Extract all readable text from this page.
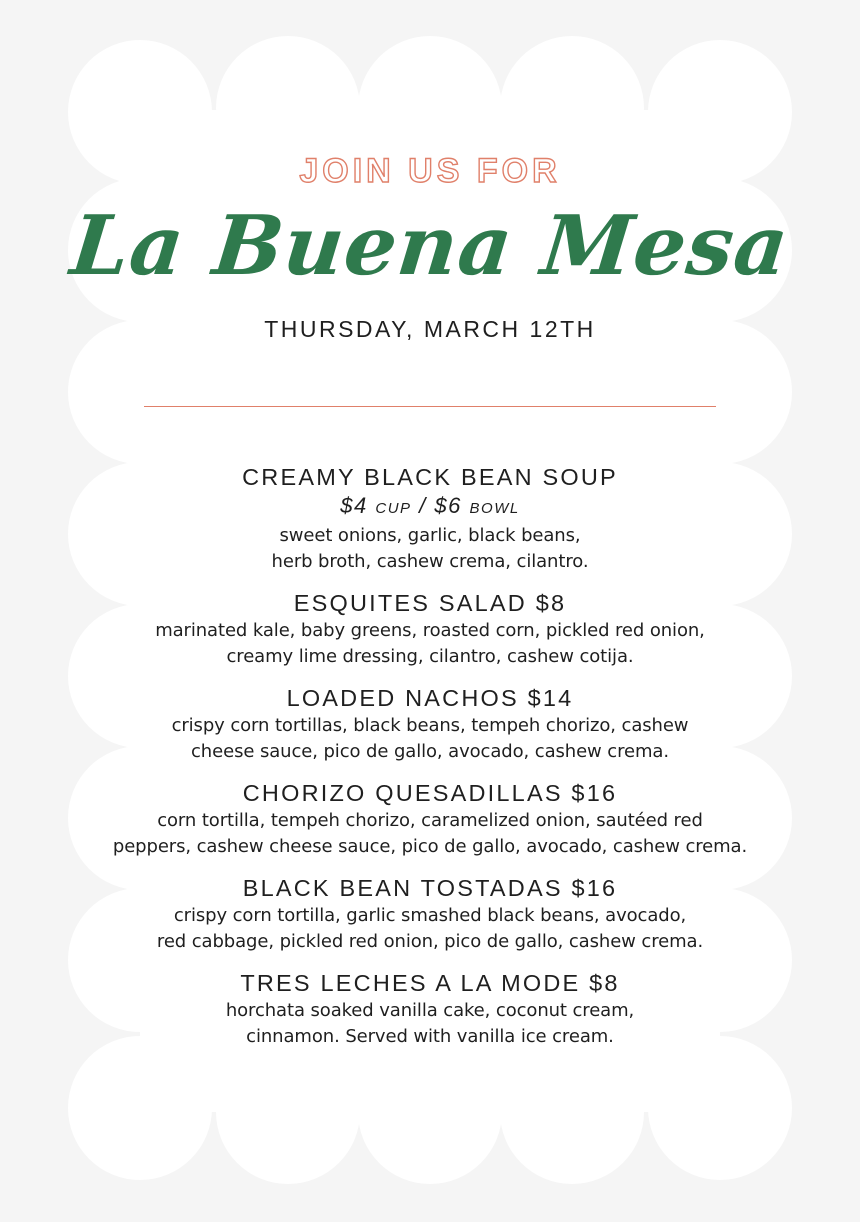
JOIN US FOR
La Buena Mesa
THURSDAY, MARCH 12TH
CREAMY BLACK BEAN SOUP
$4 CUP / $6 BOWL
sweet onions, garlic, black beans,
herb broth, cashew crema, cilantro.
ESQUITES SALAD $8
marinated kale, baby greens, roasted corn, pickled red onion,
creamy lime dressing, cilantro, cashew cotija.
LOADED NACHOS $14
crispy corn tortillas, black beans, tempeh chorizo, cashew
cheese sauce, pico de gallo, avocado, cashew crema.
CHORIZO QUESADILLAS $16
corn tortilla, tempeh chorizo, caramelized onion, sautéed red
peppers, cashew cheese sauce, pico de gallo, avocado, cashew crema.
BLACK BEAN TOSTADAS $16
crispy corn tortilla, garlic smashed black beans, avocado,
red cabbage, pickled red onion, pico de gallo, cashew crema.
TRES LECHES A LA MODE $8
horchata soaked vanilla cake, coconut cream,
cinnamon. Served with vanilla ice cream.
